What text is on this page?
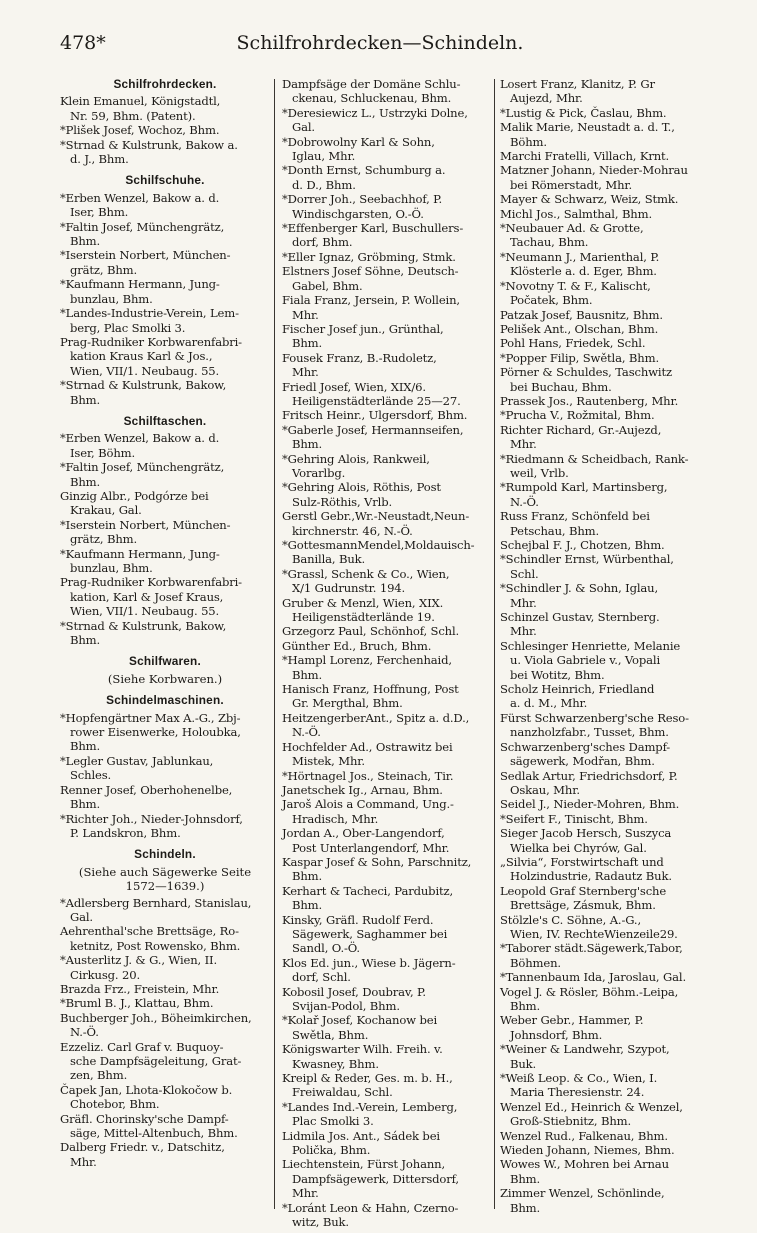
478*	Schilfrohrdecken—Schindeln.
Schilfrohrdecken.
Klein Emanuel, Königstadtl,
Nr. 59, Bhm. (Patent).
*Plišek Josef, Wochoz, Bhm.
*Strnad & Kulstrunk, Bakow a.
d. J., Bhm.
Schilfschuhe.
*Erben Wenzel, Bakow a. d.
Iser, Bhm.
*Faltin Josef, Münchengrätz,
Bhm.
*Iserstein Norbert, München-
grätz, Bhm.
*Kaufmann Hermann, Jung-
bunzlau, Bhm.
*Landes-Industrie-Verein, Lem-
berg, Plac Smolki 3.
Prag-Rudniker Korbwarenfabri-
kation Kraus Karl & Jos.,
Wien, VII/1. Neubaug. 55.
*Strnad & Kulstrunk, Bakow,
Bhm.
Schilftaschen.
*Erben Wenzel, Bakow a. d.
Iser, Böhm.
*Faltin Josef, Münchengrätz,
Bhm.
Ginzig Albr., Podgórze bei
Krakau, Gal.
*Iserstein Norbert, München-
grätz, Bhm.
*Kaufmann Hermann, Jung-
bunzlau, Bhm.
Prag-Rudniker Korbwarenfabri-
kation, Karl & Josef Kraus,
Wien, VII/1. Neubaug. 55.
*Strnad & Kulstrunk, Bakow,
Bhm.
Schilfwaren.
(Siehe Korbwaren.)
Schindelmaschinen.
*Hopfengärtner Max A.-G., Zbj-
rower Eisenwerke, Holoubka,
Bhm.
*Legler Gustav, Jablunkau,
Schles.
Renner Josef, Oberhohenelbe,
Bhm.
*Richter Joh., Nieder-Johnsdorf,
P. Landskron, Bhm.
Schindeln.
(Siehe auch Sägewerke Seite
1572—1639.)
*Adlersberg Bernhard, Stanislau,
Gal.
Aehrenthal'sche Brettsäge, Ro-
ketnitz, Post Rowensko, Bhm.
*Austerlitz J. & G., Wien, II.
Cirkusg. 20.
Brazda Frz., Freistein, Mhr.
*Bruml B. J., Klattau, Bhm.
Buchberger Joh., Böheimkirchen,
N.-Ö.
Ezzeliz. Carl Graf v. Buquoy-
sche Dampfsägeleitung, Grat-
zen, Bhm.
Čapek Jan, Lhota-Klokočow b.
Chotebor, Bhm.
Gräfl. Chorinsky'sche Dampf-
säge, Mittel-Altenbuch, Bhm.
Dalberg Friedr. v., Datschitz,
Mhr.
Dampfsäge der Domäne Schlu-
ckenau, Schluckenau, Bhm.
*Deresiewicz L., Ustrzyki Dolne,
Gal.
*Dobrowolny Karl & Sohn,
Iglau, Mhr.
*Donth Ernst, Schumburg a.
d. D., Bhm.
*Dorrer Joh., Seebachhof, P.
Windischgarsten, O.-Ö.
*Effenberger Karl, Buschullers-
dorf, Bhm.
*Eller Ignaz, Gröbming, Stmk.
Elstners Josef Söhne, Deutsch-
Gabel, Bhm.
Fiala Franz, Jersein, P. Wollein,
Mhr.
Fischer Josef jun., Grünthal,
Bhm.
Fousek Franz, B.-Rudoletz,
Mhr.
Friedl Josef, Wien, XIX/6.
Heiligenstädterlände 25—27.
Fritsch Heinr., Ulgersdorf, Bhm.
*Gaberle Josef, Hermannseifen,
Bhm.
*Gehring Alois, Rankweil,
Vorarlbg.
*Gehring Alois, Röthis, Post
Sulz-Röthis, Vrlb.
Gerstl Gebr.,Wr.-Neustadt,Neun-
kirchnerstr. 46, N.-Ö.
*GottesmannMendel,Moldauisch-
Banilla, Buk.
*Grassl, Schenk & Co., Wien,
X/1 Gudrunstr. 194.
Gruber & Menzl, Wien, XIX.
Heiligenstädterlände 19.
Grzegorz Paul, Schönhof, Schl.
Günther Ed., Bruch, Bhm.
*Hampl Lorenz, Ferchenhaid,
Bhm.
Hanisch Franz, Hoffnung, Post
Gr. Mergthal, Bhm.
HeitzengerberAnt., Spitz a. d.D.,
N.-Ö.
Hochfelder Ad., Ostrawitz bei
Mistek, Mhr.
*Hörtnagel Jos., Steinach, Tir.
Janetschek Ig., Arnau, Bhm.
Jaroš Alois a Command, Ung.-
Hradisch, Mhr.
Jordan A., Ober-Langendorf,
Post Unterlangendorf, Mhr.
Kaspar Josef & Sohn, Parschnitz,
Bhm.
Kerhart & Tacheci, Pardubitz,
Bhm.
Kinsky, Gräfl. Rudolf Ferd.
Sägewerk, Saghammer bei
Sandl, O.-Ö.
Klos Ed. jun., Wiese b. Jägern-
dorf, Schl.
Kobosil Josef, Doubrav, P.
Svijan-Podol, Bhm.
*Kolař Josef, Kochanow bei
Swětla, Bhm.
Königswarter Wilh. Freih. v.
Kwasney, Bhm.
Kreipl & Reder, Ges. m. b. H.,
Freiwaldau, Schl.
*Landes Ind.-Verein, Lemberg,
Plac Smolki 3.
Lidmila Jos. Ant., Sádek bei
Polička, Bhm.
Liechtenstein, Fürst Johann,
Dampfsägewerk, Dittersdorf,
Mhr.
*Loránt Leon & Hahn, Czerno-
witz, Buk.
Losert Franz, Klanitz, P. Gr
Aujezd, Mhr.
*Lustig & Pick, Časlau, Bhm.
Malik Marie, Neustadt a. d. T.,
Böhm.
Marchi Fratelli, Villach, Krnt.
Matzner Johann, Nieder-Mohrau
bei Römerstadt, Mhr.
Mayer & Schwarz, Weiz, Stmk.
Michl Jos., Salmthal, Bhm.
*Neubauer Ad. & Grotte,
Tachau, Bhm.
*Neumann J., Marienthal, P.
Klösterle a. d. Eger, Bhm.
*Novotny T. & F., Kalischt,
Počatek, Bhm.
Patzak Josef, Bausnitz, Bhm.
Pelišek Ant., Olschan, Bhm.
Pohl Hans, Friedek, Schl.
*Popper Filip, Swětla, Bhm.
Pörner & Schuldes, Taschwitz
bei Buchau, Bhm.
Prassek Jos., Rautenberg, Mhr.
*Prucha V., Rožmital, Bhm.
Richter Richard, Gr.-Aujezd,
Mhr.
*Riedmann & Scheidbach, Rank-
weil, Vrlb.
*Rumpold Karl, Martinsberg,
N.-Ö.
Russ Franz, Schönfeld bei
Petschau, Bhm.
Schejbal F. J., Chotzen, Bhm.
*Schindler Ernst, Würbenthal,
Schl.
*Schindler J. & Sohn, Iglau,
Mhr.
Schinzel Gustav, Sternberg.
Mhr.
Schlesinger Henriette, Melanie
u. Viola Gabriele v., Vopali
bei Wotitz, Bhm.
Scholz Heinrich, Friedland
a. d. M., Mhr.
Fürst Schwarzenberg'sche Reso-
nanzholzfabr., Tusset, Bhm.
Schwarzenberg'sches Dampf-
sägewerk, Modřan, Bhm.
Sedlak Artur, Friedrichsdorf, P.
Oskau, Mhr.
Seidel J., Nieder-Mohren, Bhm.
*Seifert F., Tinischt, Bhm.
Sieger Jacob Hersch, Suszyca
Wielka bei Chyrów, Gal.
„Silvia“, Forstwirtschaft und
Holzindustrie, Radautz Buk.
Leopold Graf Sternberg'sche
Brettsäge, Zásmuk, Bhm.
Stölzle's C. Söhne, A.-G.,
Wien, IV. RechteWienzeile29.
*Taborer städt.Sägewerk,Tabor,
Böhmen.
*Tannenbaum Ida, Jaroslau, Gal.
Vogel J. & Rösler, Böhm.-Leipa,
Bhm.
Weber Gebr., Hammer, P.
Johnsdorf, Bhm.
*Weiner & Landwehr, Szypot,
Buk.
*Weiß Leop. & Co., Wien, I.
Maria Theresienstr. 24.
Wenzel Ed., Heinrich & Wenzel,
Groß-Stiebnitz, Bhm.
Wenzel Rud., Falkenau, Bhm.
Wieden Johann, Niemes, Bhm.
Wowes W., Mohren bei Arnau
Bhm.
Zimmer Wenzel, Schönlinde,
Bhm.
